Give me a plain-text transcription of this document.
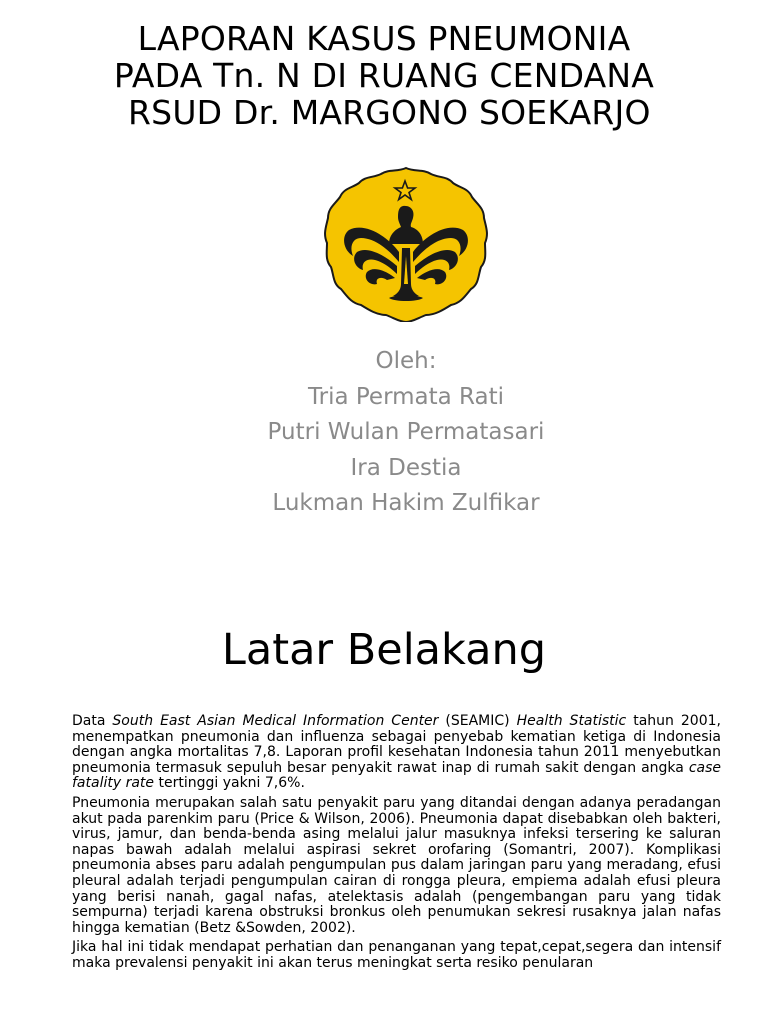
LAPORAN KASUS PNEUMONIA
PADA Tn. N DI RUANG CENDANA
RSUD Dr. MARGONO SOEKARJO
Oleh:
Tria Permata Rati
Putri Wulan Permatasari
Ira Destia
Lukman Hakim Zulfikar
Latar Belakang

Data South East Asian Medical Information Center (SEAMIC) Health Statistic tahun 2001, menempatkan pneumonia dan influenza sebagai penyebab kematian ketiga di Indonesia dengan angka mortalitas 7,8. Laporan profil kesehatan Indonesia tahun 2011 menyebutkan pneumonia termasuk sepuluh besar penyakit rawat inap di rumah sakit dengan angka case fatality rate tertinggi yakni 7,6%.

Pneumonia merupakan salah satu penyakit paru yang ditandai dengan adanya peradangan akut pada parenkim paru (Price & Wilson, 2006). Pneumonia dapat disebabkan oleh bakteri, virus, jamur, dan benda-benda asing melalui jalur masuknya infeksi tersering ke saluran napas bawah adalah melalui aspirasi sekret orofaring (Somantri, 2007). Komplikasi pneumonia abses paru adalah pengumpulan pus dalam jaringan paru yang meradang, efusi pleural adalah terjadi pengumpulan cairan di rongga pleura, empiema adalah efusi pleura yang berisi nanah, gagal nafas, atelektasis adalah (pengembangan paru yang tidak sempurna) terjadi karena obstruksi bronkus oleh penumukan sekresi rusaknya jalan nafas hingga kematian (Betz &Sowden, 2002).

Jika hal ini tidak mendapat perhatian dan penanganan yang tepat,cepat,segera dan intensif maka prevalensi penyakit ini akan terus meningkat serta resiko penularan
